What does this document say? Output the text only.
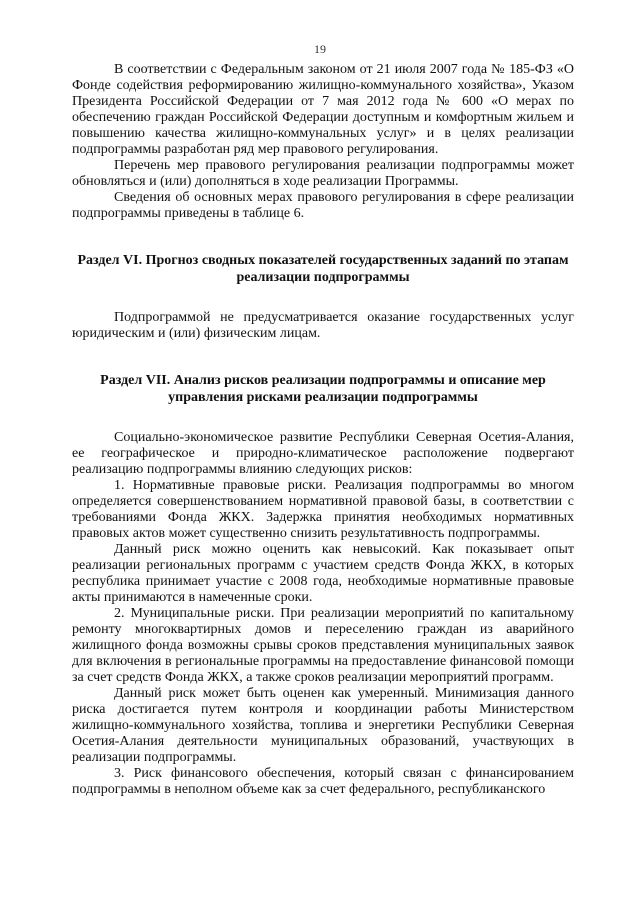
19

В соответствии с Федеральным законом от 21 июля 2007 года № 185-ФЗ «О Фонде содействия реформированию жилищно-коммунального хозяйства», Указом Президента Российской Федерации от 7 мая 2012 года № 600 «О мерах по обеспечению граждан Российской Федерации доступным и комфортным жильем и повышению качества жилищно-коммунальных услуг» и в целях реализации подпрограммы разработан ряд мер правового регулирования.

Перечень мер правового регулирования реализации подпрограммы может обновляться и (или) дополняться в ходе реализации Программы.

Сведения об основных мерах правового регулирования в сфере реализации подпрограммы приведены в таблице 6.

Раздел VI. Прогноз сводных показателей государственных заданий по этапам реализации подпрограммы

Подпрограммой не предусматривается оказание государственных услуг юридическим и (или) физическим лицам.

Раздел VII. Анализ рисков реализации подпрограммы и описание мер управления рисками реализации подпрограммы

Социально-экономическое развитие Республики Северная Осетия-Алания, ее географическое и природно-климатическое расположение подвергают реализацию подпрограммы влиянию следующих рисков:

1. Нормативные правовые риски. Реализация подпрограммы во многом определяется совершенствованием нормативной правовой базы, в соответствии с требованиями Фонда ЖКХ. Задержка принятия необходимых нормативных правовых актов может существенно снизить результативность подпрограммы.

Данный риск можно оценить как невысокий. Как показывает опыт реализации региональных программ с участием средств Фонда ЖКХ, в которых республика принимает участие с 2008 года, необходимые нормативные правовые акты принимаются в намеченные сроки.

2. Муниципальные риски. При реализации мероприятий по капитальному ремонту многоквартирных домов и переселению граждан из аварийного жилищного фонда возможны срывы сроков представления муниципальных заявок для включения в региональные программы на предоставление финансовой помощи за счет средств Фонда ЖКХ, а также сроков реализации мероприятий программ.

Данный риск может быть оценен как умеренный. Минимизация данного риска достигается путем контроля и координации работы Министерством жилищно-коммунального хозяйства, топлива и энергетики Республики Северная Осетия-Алания деятельности муниципальных образований, участвующих в реализации подпрограммы.

3. Риск финансового обеспечения, который связан с финансированием подпрограммы в неполном объеме как за счет федерального, республиканского
